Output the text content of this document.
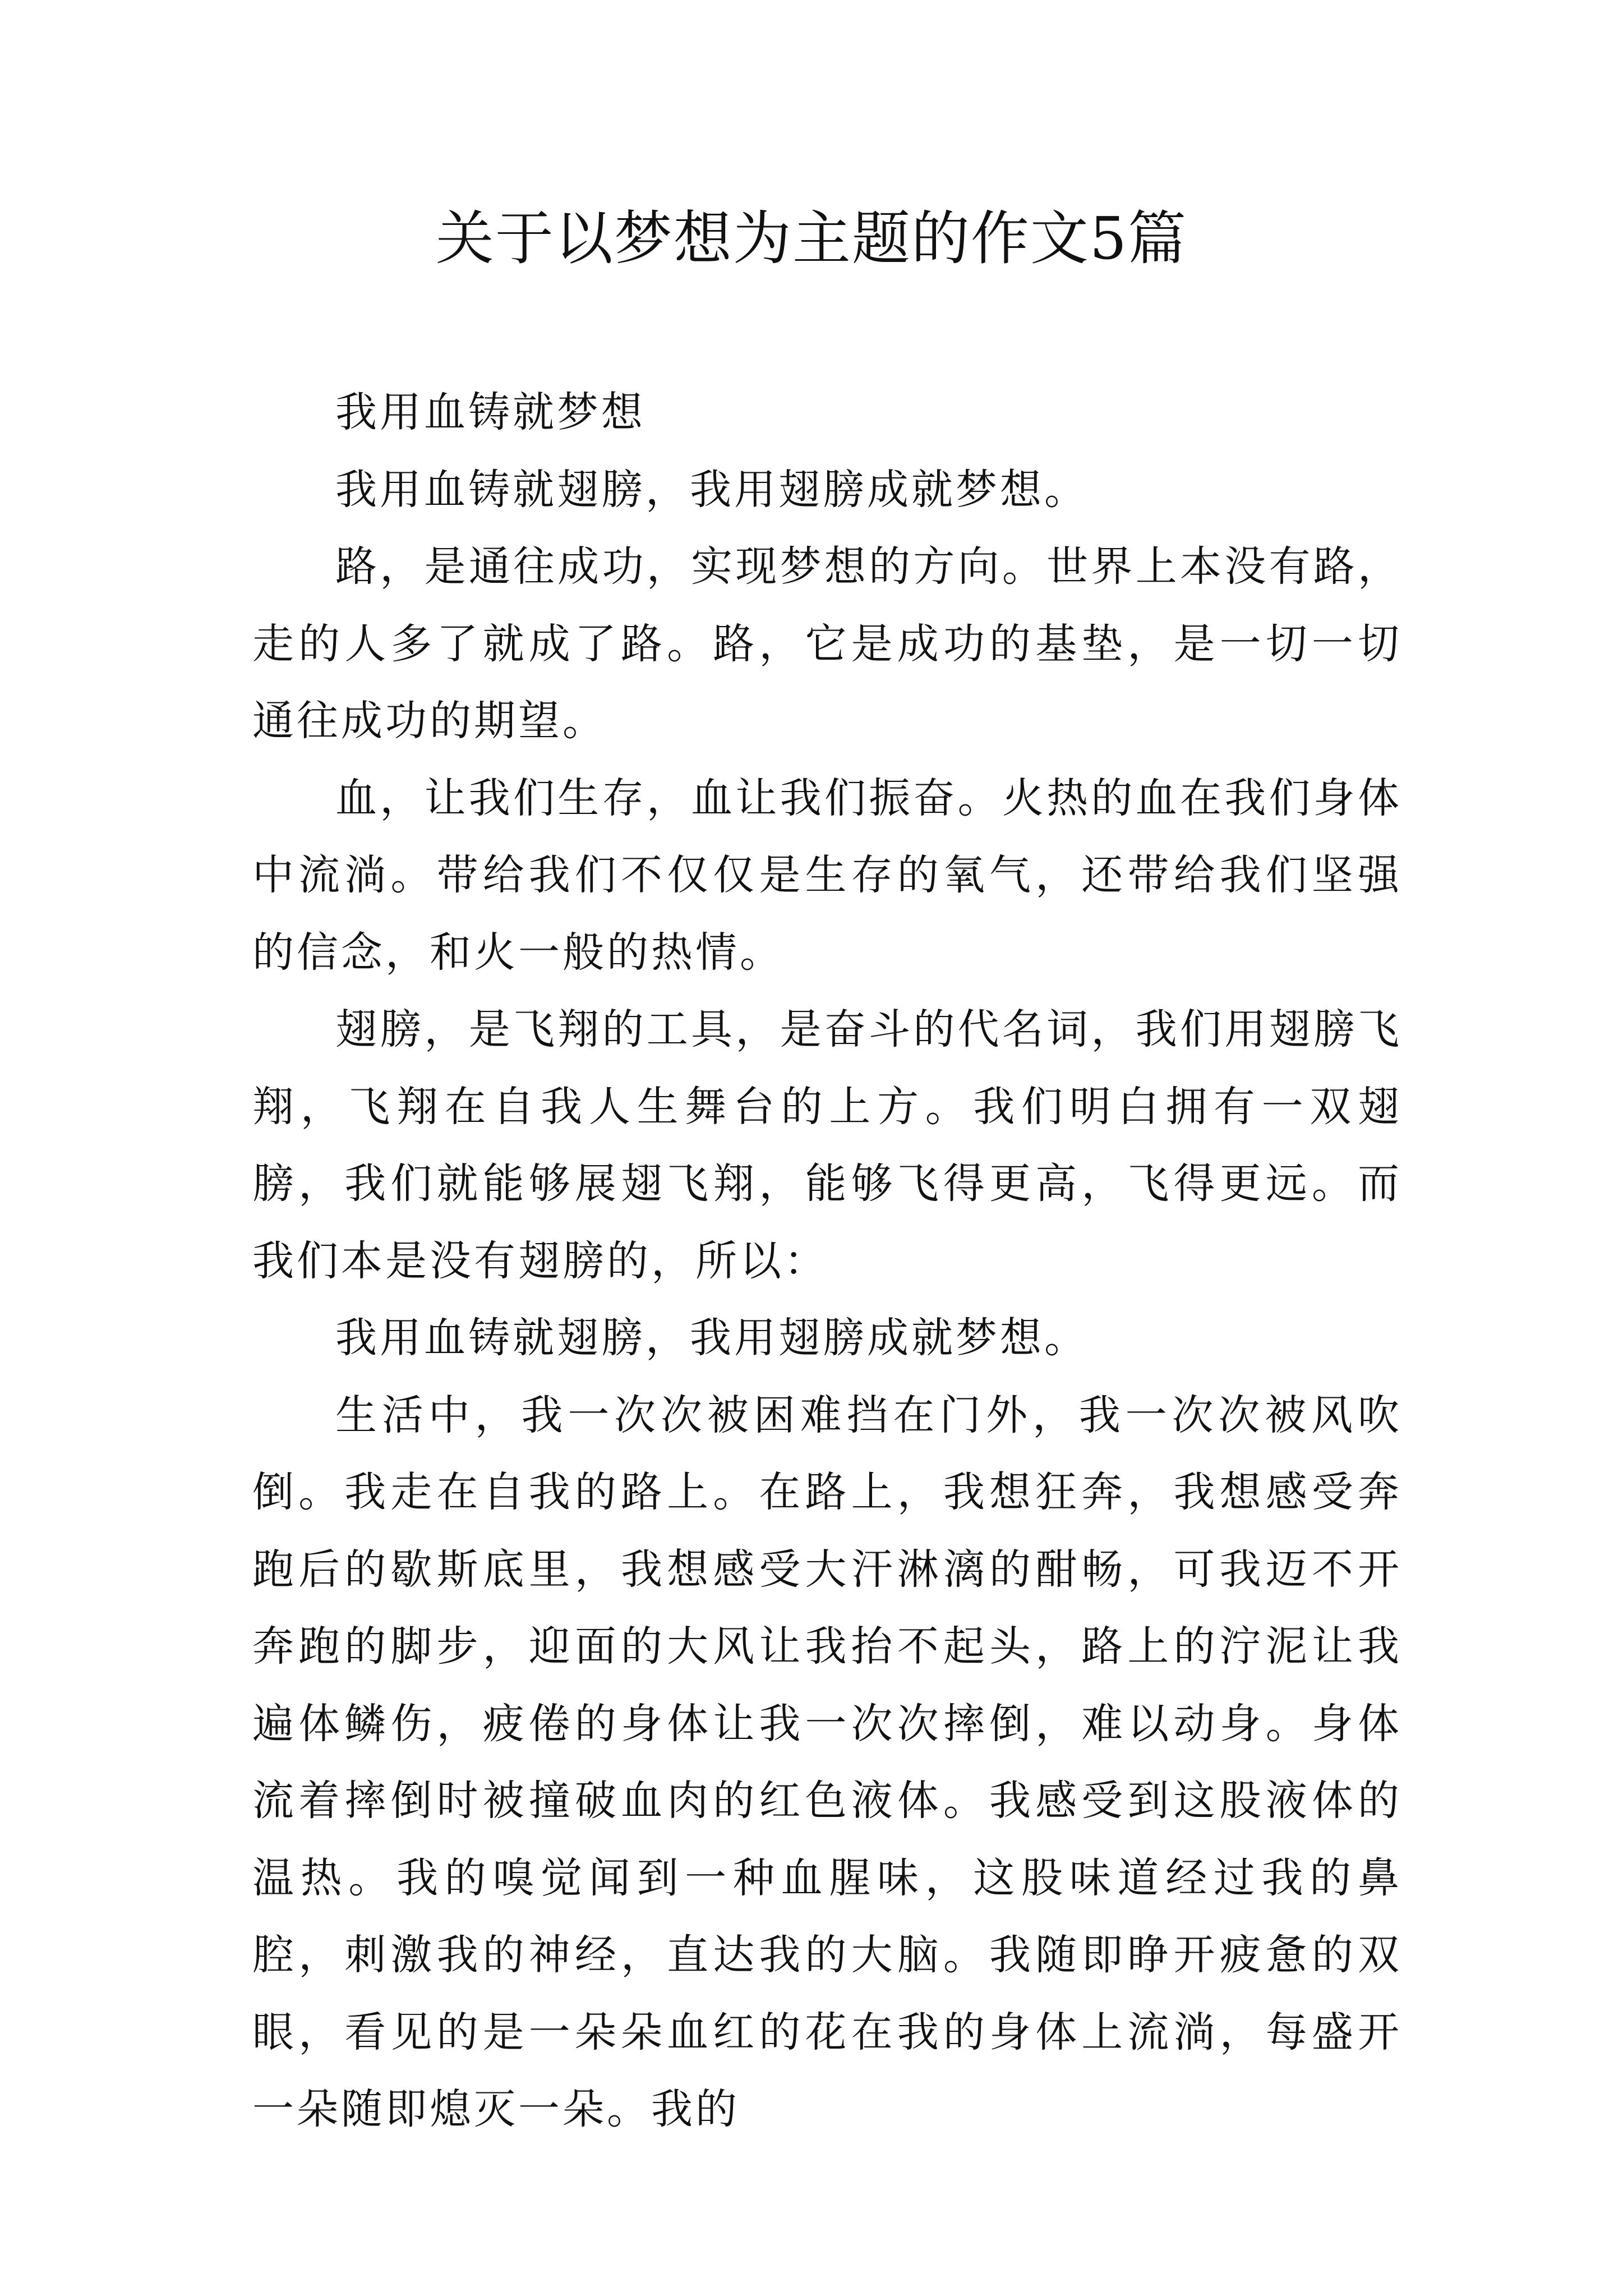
关于以梦想为主题的作文5篇

我用血铸就梦想

我用血铸就翅膀，我用翅膀成就梦想。

路，是通往成功，实现梦想的方向。世界上本没有路，走的人多了就成了路。路，它是成功的基垫，是一切一切通往成功的期望。

血，让我们生存，血让我们振奋。火热的血在我们身体中流淌。带给我们不仅仅是生存的氧气，还带给我们坚强的信念，和火一般的热情。

翅膀，是飞翔的工具，是奋斗的代名词，我们用翅膀飞翔，飞翔在自我人生舞台的上方。我们明白拥有一双翅膀，我们就能够展翅飞翔，能够飞得更高，飞得更远。而我们本是没有翅膀的，所以：

我用血铸就翅膀，我用翅膀成就梦想。

生活中，我一次次被困难挡在门外，我一次次被风吹倒。我走在自我的路上。在路上，我想狂奔，我想感受奔跑后的歇斯底里，我想感受大汗淋漓的酣畅，可我迈不开奔跑的脚步，迎面的大风让我抬不起头，路上的泞泥让我遍体鳞伤，疲倦的身体让我一次次摔倒，难以动身。身体流着摔倒时被撞破血肉的红色液体。我感受到这股液体的温热。我的嗅觉闻到一种血腥味，这股味道经过我的鼻腔，刺激我的神经，直达我的大脑。我随即睁开疲惫的双眼，看见的是一朵朵血红的花在我的身体上流淌，每盛开一朵随即熄灭一朵。我的
